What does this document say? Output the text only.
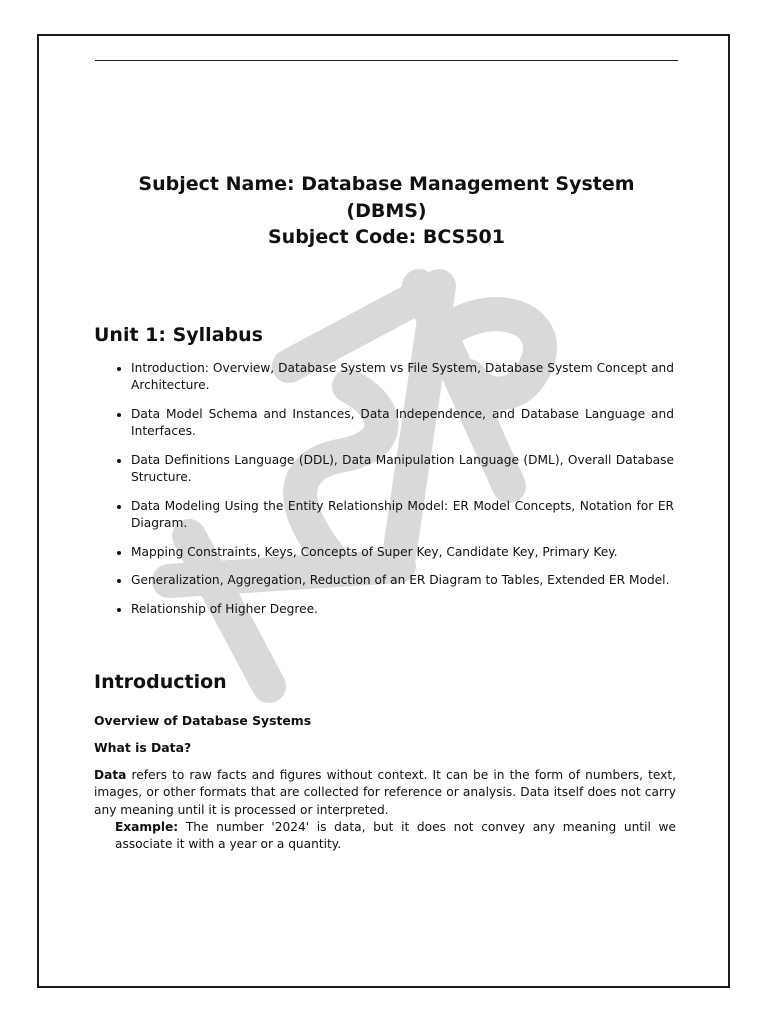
ASAP
Subject Name: Database Management System
(DBMS)
Subject Code: BCS501
Unit 1: Syllabus
• Introduction: Overview, Database System vs File System, Database System Concept and Architecture.
• Data Model Schema and Instances, Data Independence, and Database Language and Interfaces.
• Data Definitions Language (DDL), Data Manipulation Language (DML), Overall Database Structure.
• Data Modeling Using the Entity Relationship Model: ER Model Concepts, Notation for ER Diagram.
• Mapping Constraints, Keys, Concepts of Super Key, Candidate Key, Primary Key.
• Generalization, Aggregation, Reduction of an ER Diagram to Tables, Extended ER Model.
• Relationship of Higher Degree.
Introduction
Overview of Database Systems
What is Data?

Data refers to raw facts and figures without context. It can be in the form of numbers, text, images, or other formats that are collected for reference or analysis. Data itself does not carry any meaning until it is processed or interpreted.

Example: The number '2024' is data, but it does not convey any meaning until we associate it with a year or a quantity.
